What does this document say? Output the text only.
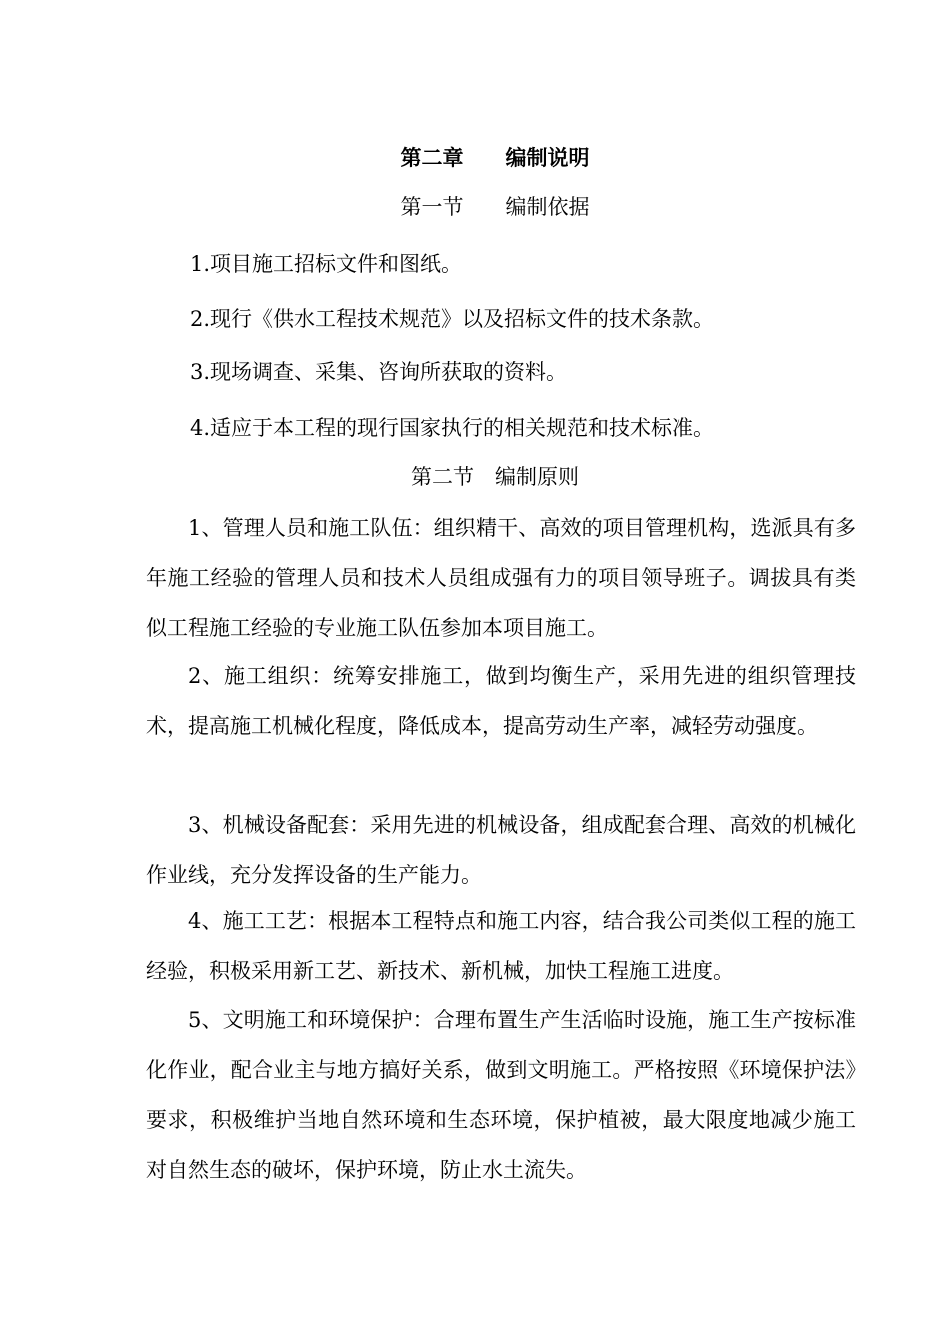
第二章　　编制说明
第一节　　编制依据
1.项目施工招标文件和图纸。
2.现行《供水工程技术规范》以及招标文件的技术条款。
3.现场调查、采集、咨询所获取的资料。
4.适应于本工程的现行国家执行的相关规范和技术标准。
第二节　编制原则

1、管理人员和施工队伍：组织精干、高效的项目管理机构，选派具有多年施工经验的管理人员和技术人员组成强有力的项目领导班子。调拔具有类似工程施工经验的专业施工队伍参加本项目施工。

2、施工组织：统筹安排施工，做到均衡生产，采用先进的组织管理技术，提高施工机械化程度，降低成本，提高劳动生产率，减轻劳动强度。

3、机械设备配套：采用先进的机械设备，组成配套合理、高效的机械化作业线，充分发挥设备的生产能力。

4、施工工艺：根据本工程特点和施工内容，结合我公司类似工程的施工经验，积极采用新工艺、新技术、新机械，加快工程施工进度。

5、文明施工和环境保护：合理布置生产生活临时设施，施工生产按标准化作业，配合业主与地方搞好关系，做到文明施工。严格按照《环境保护法》要求，积极维护当地自然环境和生态环境，保护植被，最大限度地减少施工对自然生态的破坏，保护环境，防止水土流失。
